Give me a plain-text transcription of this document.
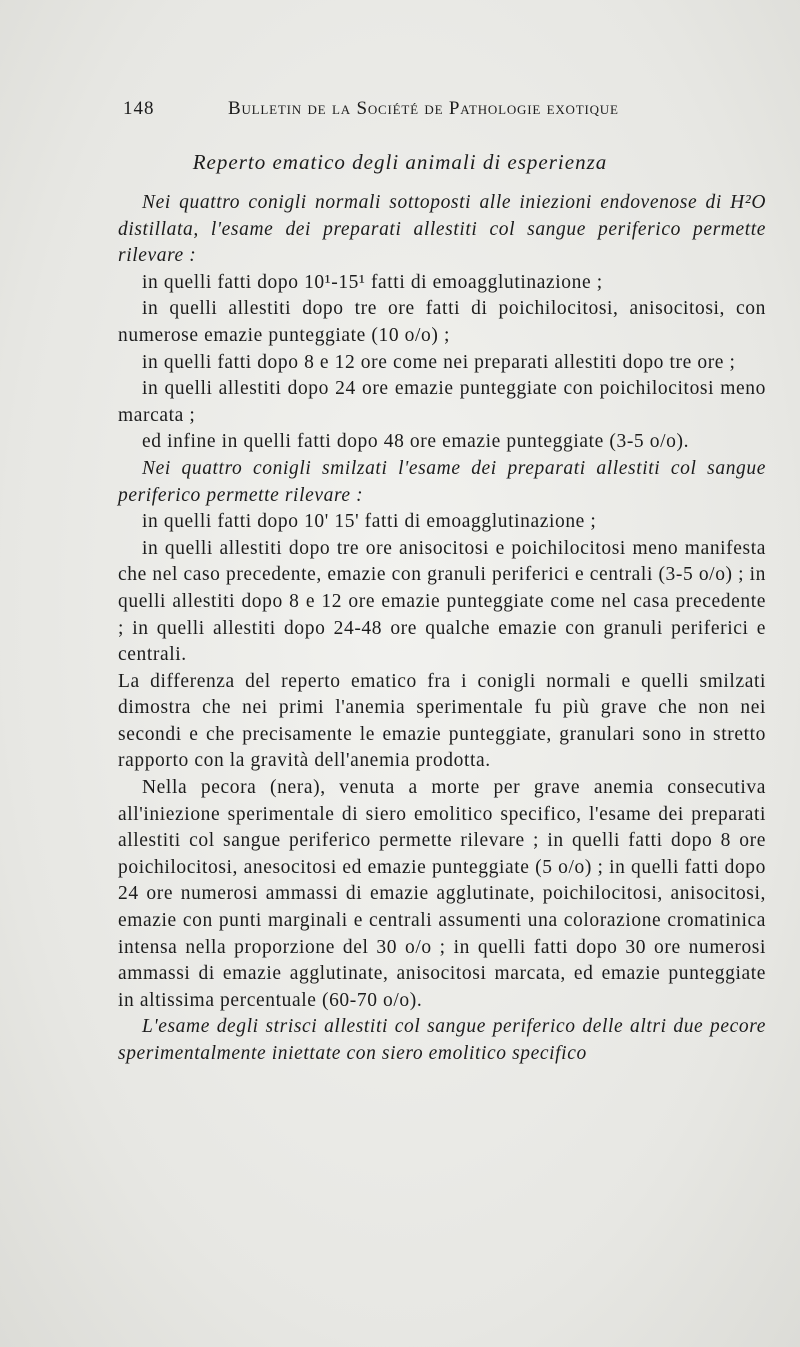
148	Bulletin de la Société de Pathologie exotique
Reperto ematico degli animali di esperienza

Nei quattro conigli normali sottoposti alle iniezioni endovenose di H²O distillata, l'esame dei preparati allestiti col sangue periferico permette rilevare :

in quelli fatti dopo 10¹-15¹ fatti di emoagglutinazione ;

in quelli allestiti dopo tre ore fatti di poichilocitosi, anisocitosi, con numerose emazie punteggiate (10 o/o) ;

in quelli fatti dopo 8 e 12 ore come nei preparati allestiti dopo tre ore ;

in quelli allestiti dopo 24 ore emazie punteggiate con poichilocitosi meno marcata ;

ed infine in quelli fatti dopo 48 ore emazie punteggiate (3-5 o/o).

Nei quattro conigli smilzati l'esame dei preparati allestiti col sangue periferico permette rilevare :

in quelli fatti dopo 10' 15' fatti di emoagglutinazione ;

in quelli allestiti dopo tre ore anisocitosi e poichilocitosi meno manifesta che nel caso precedente, emazie con granuli periferici e centrali (3-5 o/o) ; in quelli allestiti dopo 8 e 12 ore emazie punteggiate come nel casa precedente ; in quelli allestiti dopo 24-48 ore qualche emazie con granuli periferici e centrali.

La differenza del reperto ematico fra i conigli normali e quelli smilzati dimostra che nei primi l'anemia sperimentale fu più grave che non nei secondi e che precisamente le emazie punteggiate, granulari sono in stretto rapporto con la gravità dell'anemia prodotta.

Nella pecora (nera), venuta a morte per grave anemia consecutiva all'iniezione sperimentale di siero emolitico specifico, l'esame dei preparati allestiti col sangue periferico permette rilevare ; in quelli fatti dopo 8 ore poichilocitosi, anesocitosi ed emazie punteggiate (5 o/o) ; in quelli fatti dopo 24 ore numerosi ammassi di emazie agglutinate, poichilocitosi, anisocitosi, emazie con punti marginali e centrali assumenti una colorazione cromatinica intensa nella proporzione del 30 o/o ; in quelli fatti dopo 30 ore numerosi ammassi di emazie agglutinate, anisocitosi marcata, ed emazie punteggiate in altissima percentuale (60-70 o/o).

L'esame degli strisci allestiti col sangue periferico delle altri due pecore sperimentalmente iniettate con siero emolitico specifico
